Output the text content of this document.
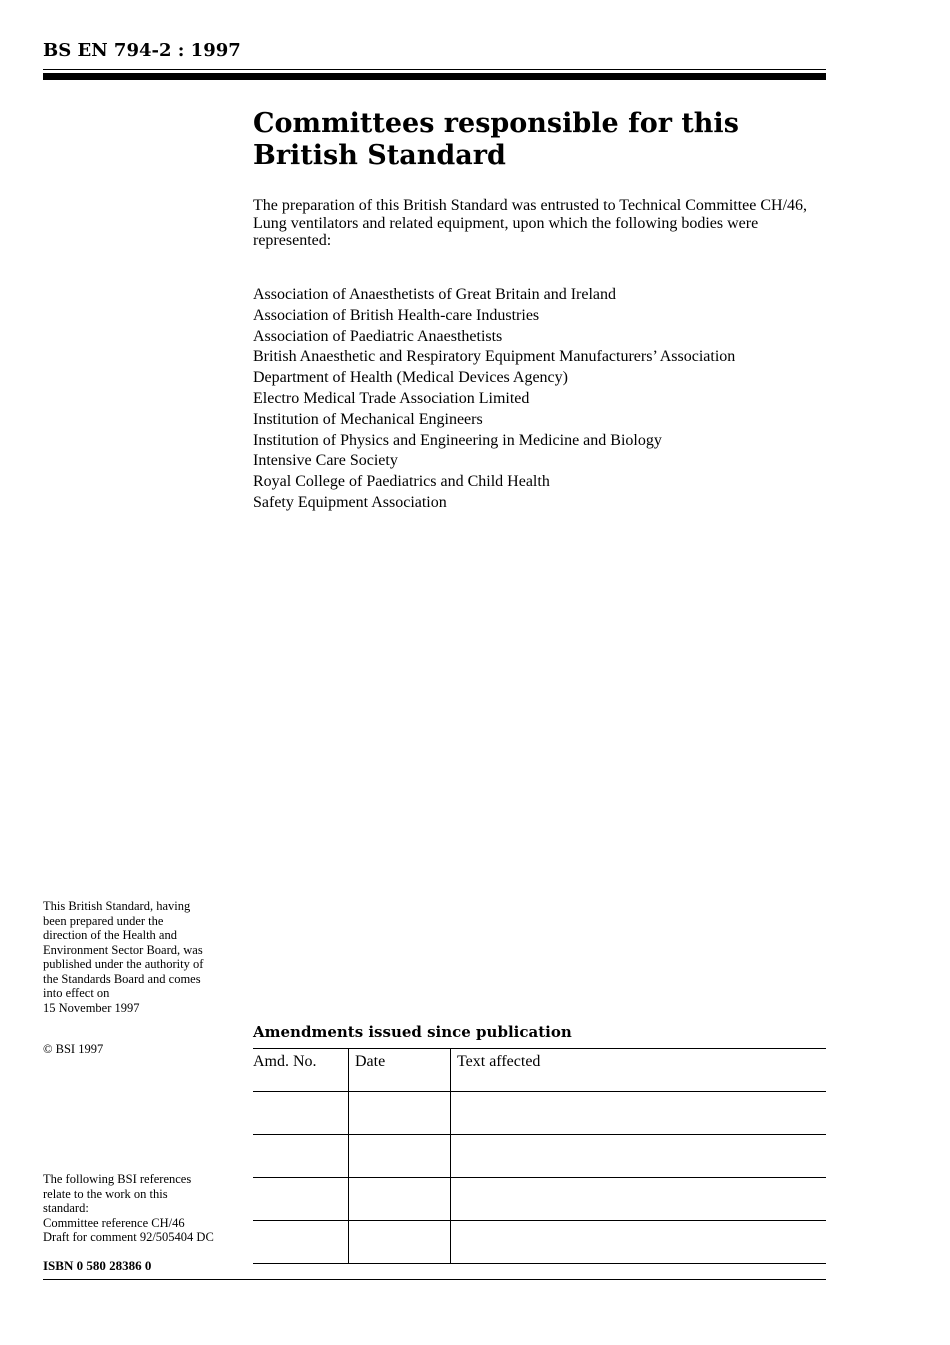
BS EN 794-2 : 1997
Committees responsible for this
British Standard
The preparation of this British Standard was entrusted to Technical Committee CH/46, Lung ventilators and related equipment, upon which the following bodies were represented:
Association of Anaesthetists of Great Britain and Ireland
Association of British Health-care Industries
Association of Paediatric Anaesthetists
British Anaesthetic and Respiratory Equipment Manufacturers’ Association
Department of Health (Medical Devices Agency)
Electro Medical Trade Association Limited
Institution of Mechanical Engineers
Institution of Physics and Engineering in Medicine and Biology
Intensive Care Society
Royal College of Paediatrics and Child Health
Safety Equipment Association
This British Standard, having
been prepared under the
direction of the Health and
Environment Sector Board, was
published under the authority of
the Standards Board and comes
into effect on
15 November 1997
© BSI 1997
The following BSI references
relate to the work on this
standard:
Committee reference CH/46
Draft for comment 92/505404 DC
ISBN 0 580 28386 0
Amendments issued since publication
Amd. No.	Date	Text affected
